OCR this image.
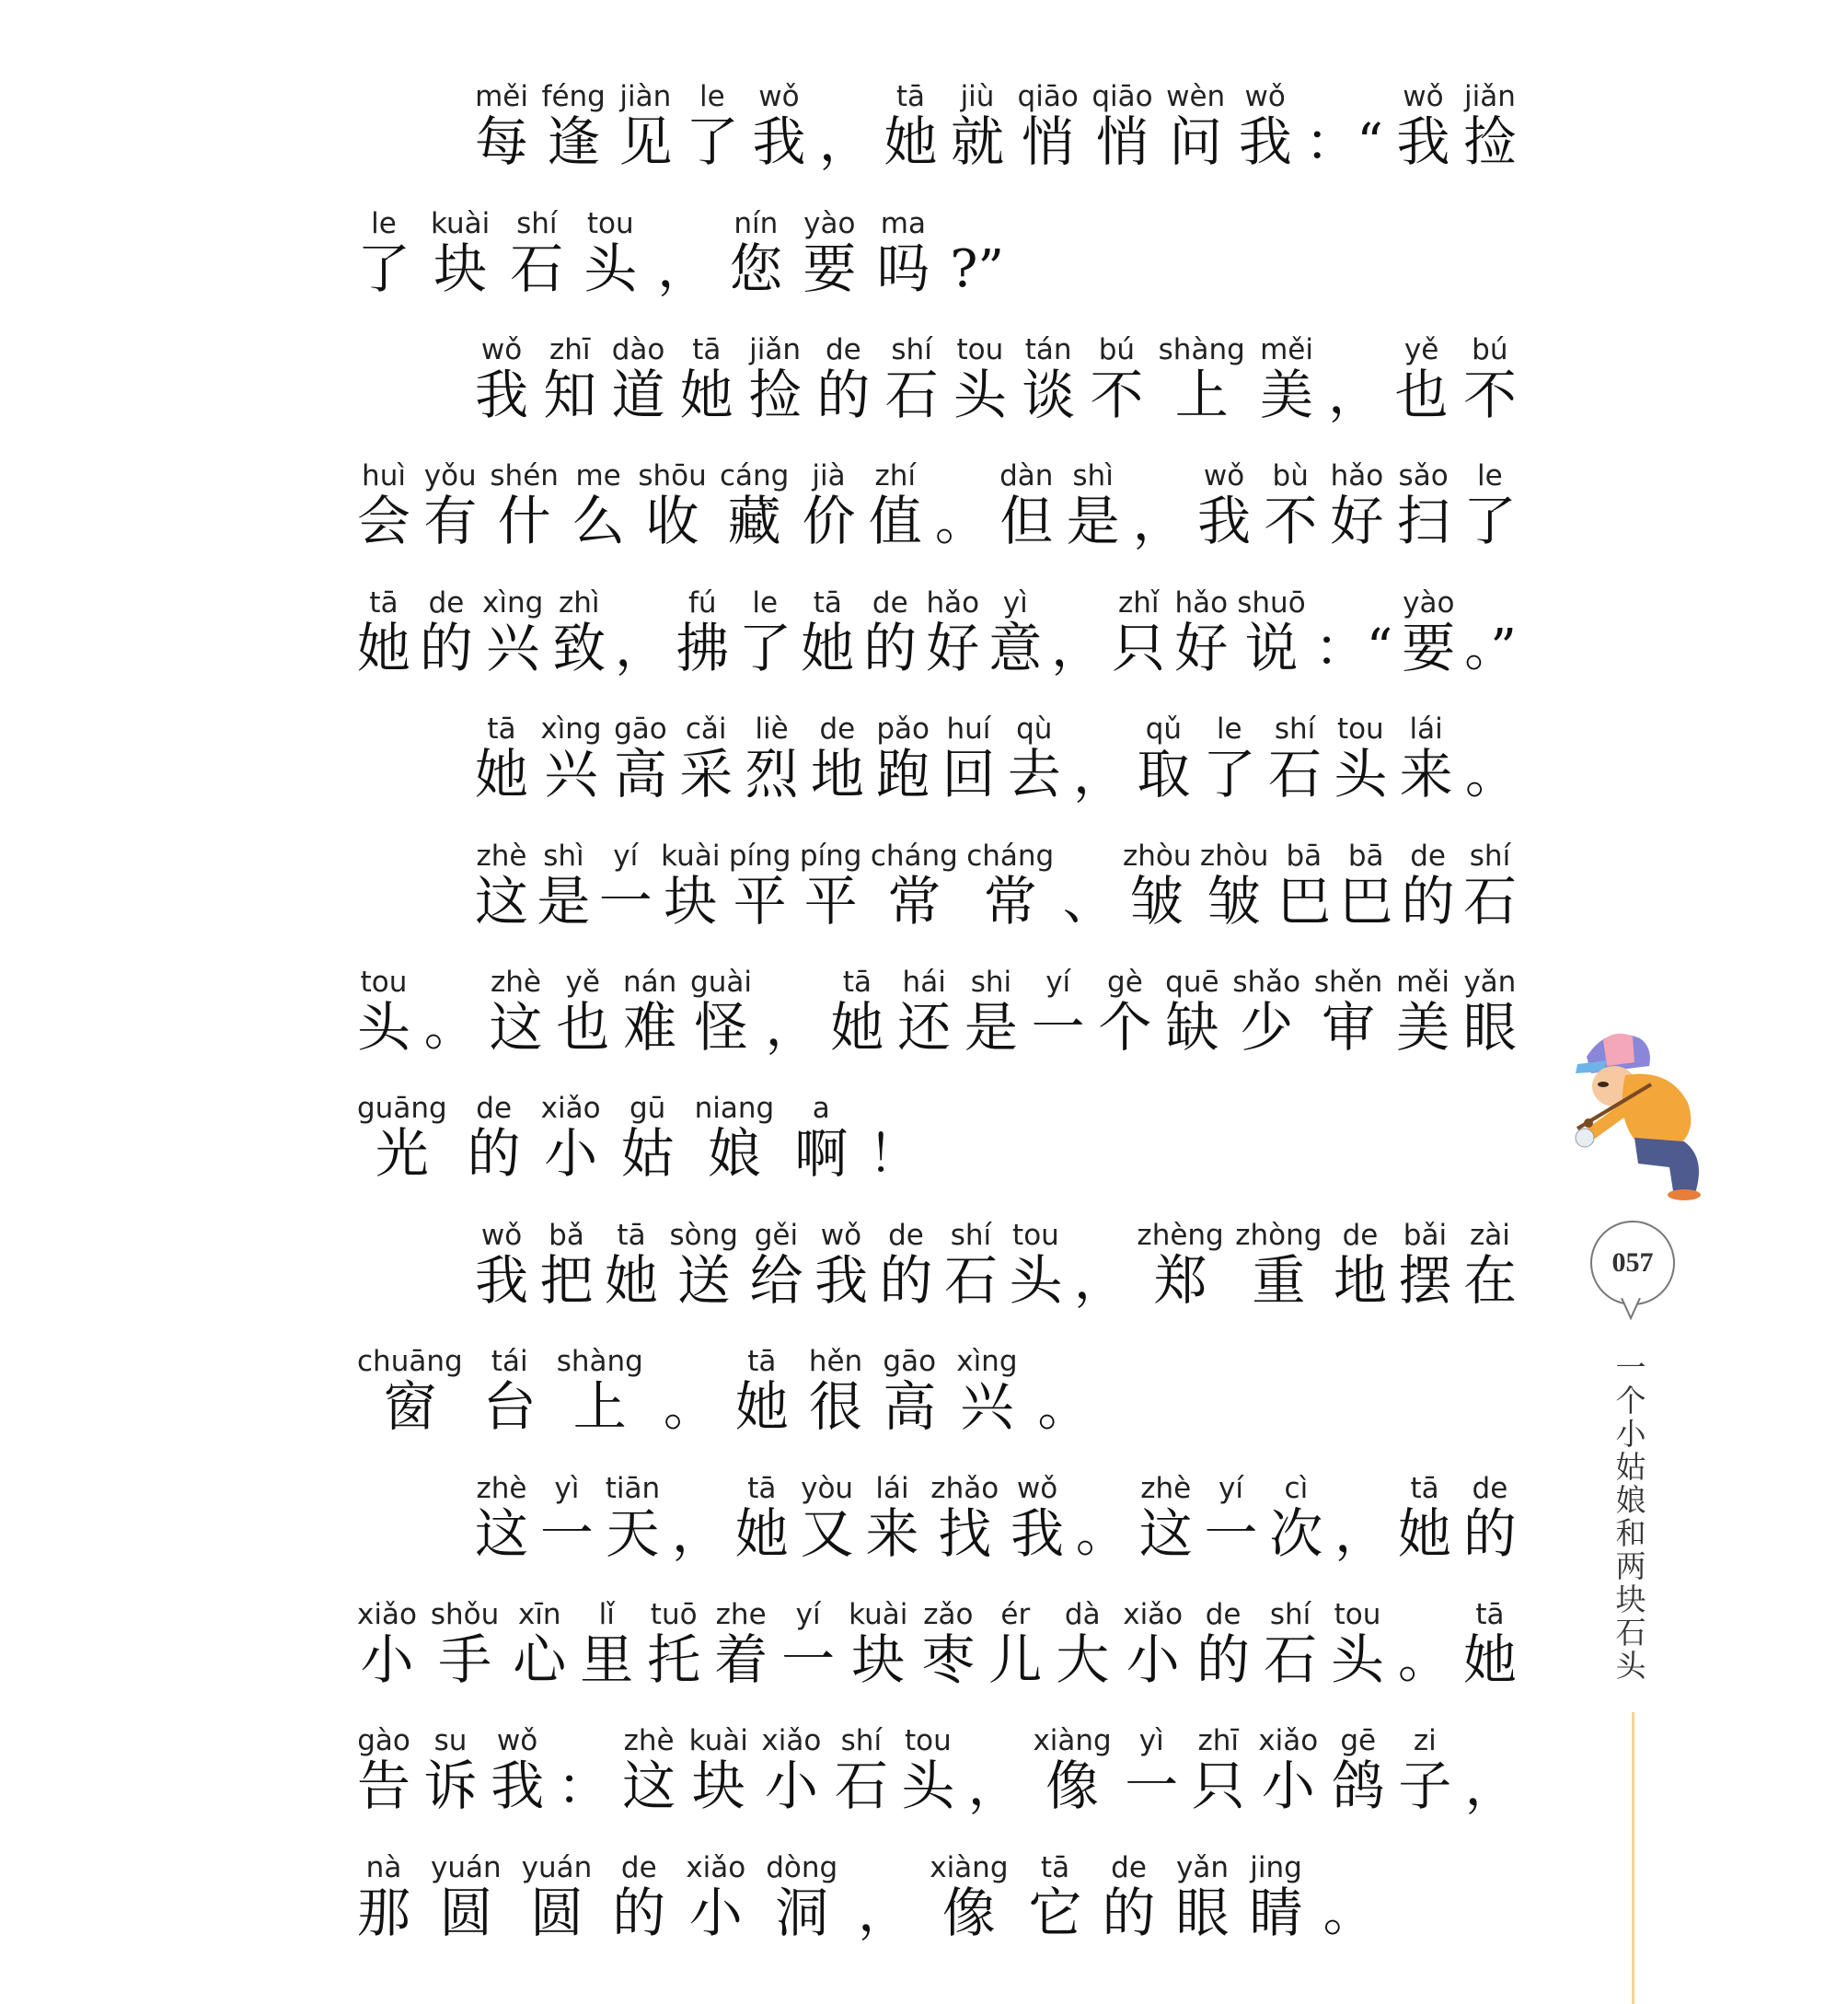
měi
每
féng
逢
jiàn
见
le
了
wǒ
我 ，
tā
她
jiù
就
qiāo
悄
qiāo
悄
wèn
问
wǒ
我 ：“
wǒ
我
jiǎn
捡
le
了
kuài
块
shí
石
tou
头 ，
nín
您
yào
要
ma
吗 ?”
wǒ
我
zhī
知
dào
道
tā
她
jiǎn
捡
de
的
shí
石
tou
头
tán
谈
bú
不
shàng
上
měi
美 ，
yě
也
bú
不
huì
会
yǒu
有
shén
什
me
么
shōu
收
cáng
藏
jià
价
zhí
值 。
dàn
但
shì
是 ，
wǒ
我
bù
不
hǎo
好
sǎo
扫
le
了
tā
她
de
的
xìng
兴
zhì
致 ，
fú
拂
le
了
tā
她
de
的
hǎo
好
yì
意 ，
zhǐ
只
hǎo
好
shuō
说 ：“
yào
要 。”
tā
她
xìng
兴
gāo
高
cǎi
采
liè
烈
de
地
pǎo
跑
huí
回
qù
去 ，
qǔ
取
le
了
shí
石
tou
头
lái
来 。
zhè
这
shì
是
yí
一
kuài
块
píng
平
píng
平
cháng
常
cháng
常 、
zhòu
皱
zhòu
皱
bā
巴
bā
巴
de
的
shí
石
tou
头 。
zhè
这
yě
也
nán
难
guài
怪 ，
tā
她
hái
还
shi
是
yí
一
gè
个
quē
缺
shǎo
少
shěn
审
měi
美
yǎn
眼
guāng
光
de
的
xiǎo
小
gū
姑
niang
娘
a
啊 ！
wǒ
我
bǎ
把
tā
她
sòng
送
gěi
给
wǒ
我
de
的
shí
石
tou
头 ，
zhèng
郑
zhòng
重
de
地
bǎi
摆
zài
在
chuāng
窗
tái
台
shàng
上 。
tā
她
hěn
很
gāo
高
xìng
兴 。
zhè
这
yì
一
tiān
天 ，
tā
她
yòu
又
lái
来
zhǎo
找
wǒ
我 。
zhè
这
yí
一
cì
次 ，
tā
她
de
的
xiǎo
小
shǒu
手
xīn
心
lǐ
里
tuō
托
zhe
着
yí
一
kuài
块
zǎo
枣
ér
儿
dà
大
xiǎo
小
de
的
shí
石
tou
头 。
tā
她
gào
告
su
诉
wǒ
我 ：
zhè
这
kuài
块
xiǎo
小
shí
石
tou
头 ，
xiàng
像
yì
一
zhī
只
xiǎo
小
gē
鸽
zi
子 ，
nà
那
yuán
圆
yuán
圆
de
的
xiǎo
小
dòng
洞 ，
xiàng
像
tā
它
de
的
yǎn
眼
jing
睛 。
057
一个小姑娘和两块石头
